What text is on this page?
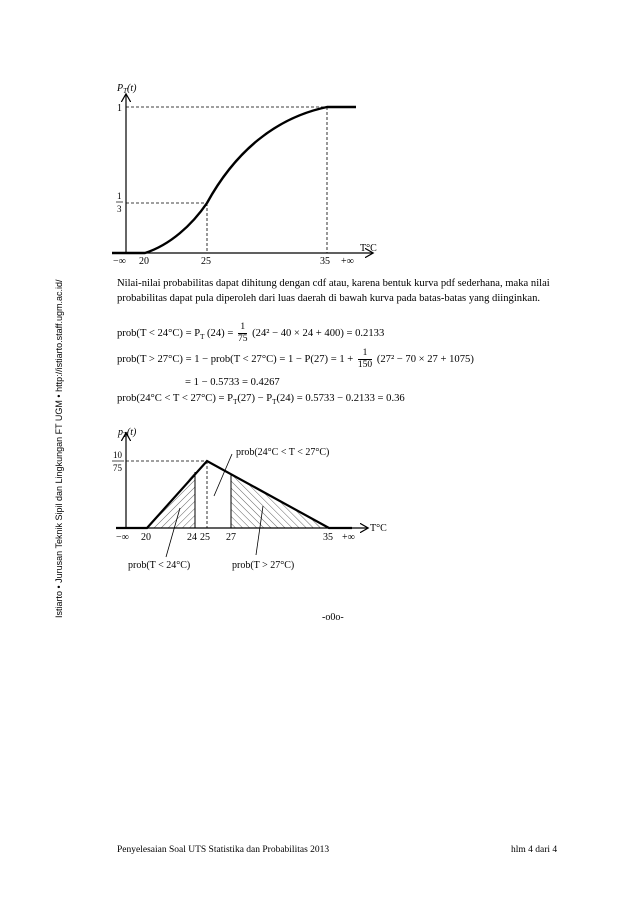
Istiarto • Jurusan Teknik Sipil dan Lingkungan FT UGM • http://istiarto.staff.ugm.ac.id/
$P_T(t)$
1
1
3
T°C
−∞ 20	25	35 +∞
Nilai-nilai probabilitas dapat dihitung dengan cdf atau, karena bentuk kurva pdf sederhana, maka nilai probabilitas dapat pula diperoleh dari luas daerah di bawah kurva pada batas-batas yang diinginkan.
prob(T < $24^\circ C) = P_T$ $(24) = \frac{1}{75} (24^2 - 40 \times 24 + 400) = 0.2133$
prob(T > 27°C) = 1 − prob(T < $27^\circ C) = 1 - P(27) = 1 + \frac{1}{150} (27^2 - 70 \times 27 + 1075)$
= 1 − 0.5733 = 0.4267
prob(24°C < $T < 27^\circ C) = P_T(27) - P_T(24) = 0.5733 - 0.2133 = 0.36$
$p_T(t)$
10
75
T°C
−∞ 20	24 25 27	35 +∞
prob(24°C < T < 27°C)
prob(T < 24°C)	prob(T > 27°C)
-o0o-
Penyelesaian Soal UTS Statistika dan Probabilitas 2013	hlm 4 dari 4
